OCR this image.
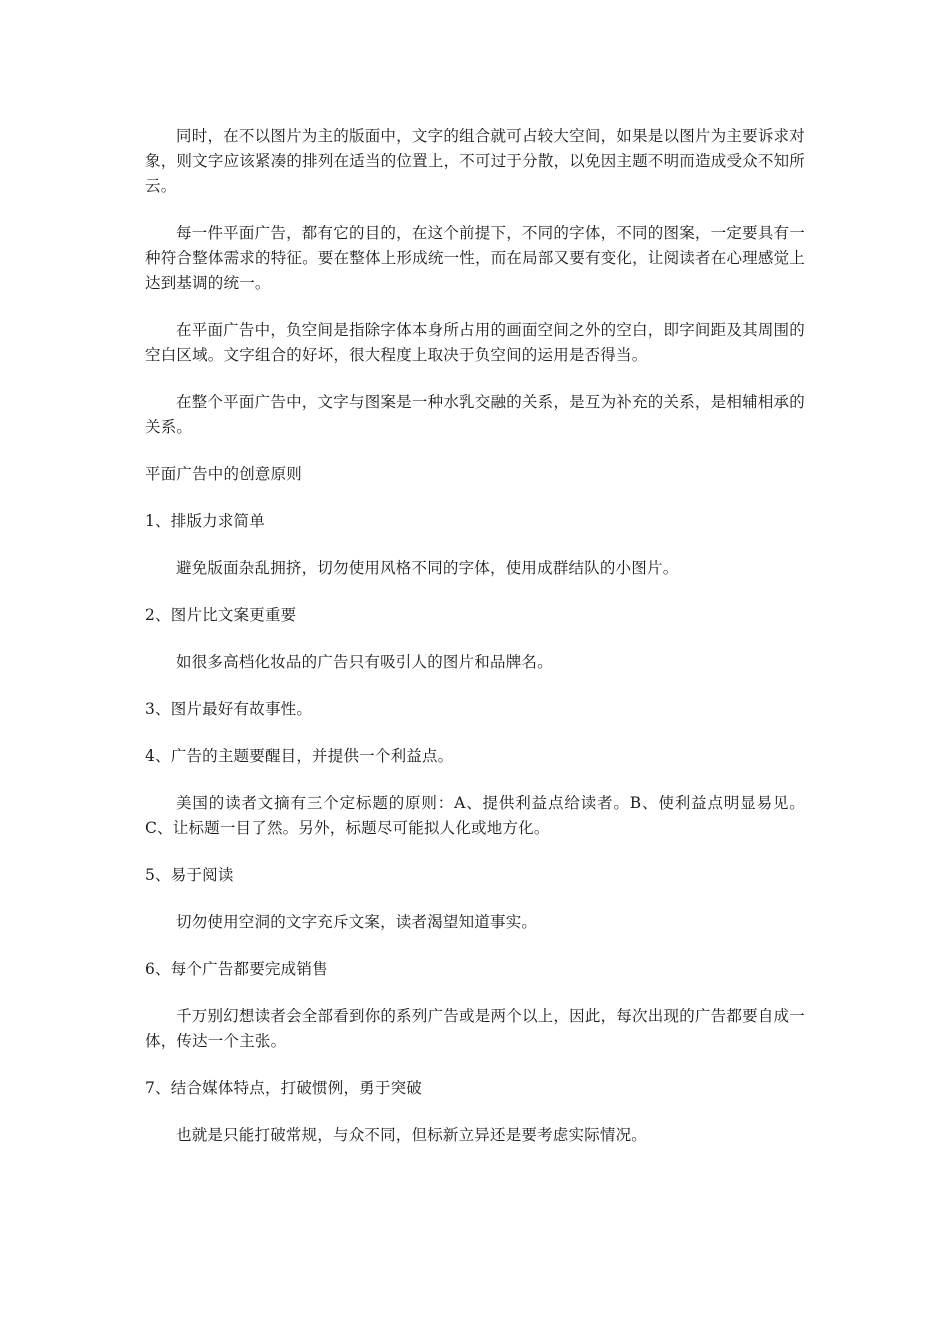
同时，在不以图片为主的版面中，文字的组合就可占较大空间，如果是以图片为主要诉求对象，则文字应该紧凑的排列在适当的位置上，不可过于分散，以免因主题不明而造成受众不知所云。

每一件平面广告，都有它的目的，在这个前提下，不同的字体，不同的图案，一定要具有一种符合整体需求的特征。要在整体上形成统一性，而在局部又要有变化，让阅读者在心理感觉上达到基调的统一。

在平面广告中，负空间是指除字体本身所占用的画面空间之外的空白，即字间距及其周围的空白区域。文字组合的好坏，很大程度上取决于负空间的运用是否得当。

在整个平面广告中，文字与图案是一种水乳交融的关系，是互为补充的关系，是相辅相承的关系。

平面广告中的创意原则

1、排版力求简单

避免版面杂乱拥挤，切勿使用风格不同的字体，使用成群结队的小图片。

2、图片比文案更重要

如很多高档化妆品的广告只有吸引人的图片和品牌名。

3、图片最好有故事性。

4、广告的主题要醒目，并提供一个利益点。

美国的读者文摘有三个定标题的原则：A、提供利益点给读者。B、使利益点明显易见。C、让标题一目了然。另外，标题尽可能拟人化或地方化。

5、易于阅读

切勿使用空洞的文字充斥文案，读者渴望知道事实。

6、每个广告都要完成销售

千万别幻想读者会全部看到你的系列广告或是两个以上，因此，每次出现的广告都要自成一体，传达一个主张。

7、结合媒体特点，打破惯例，勇于突破

也就是只能打破常规，与众不同，但标新立异还是要考虑实际情况。
